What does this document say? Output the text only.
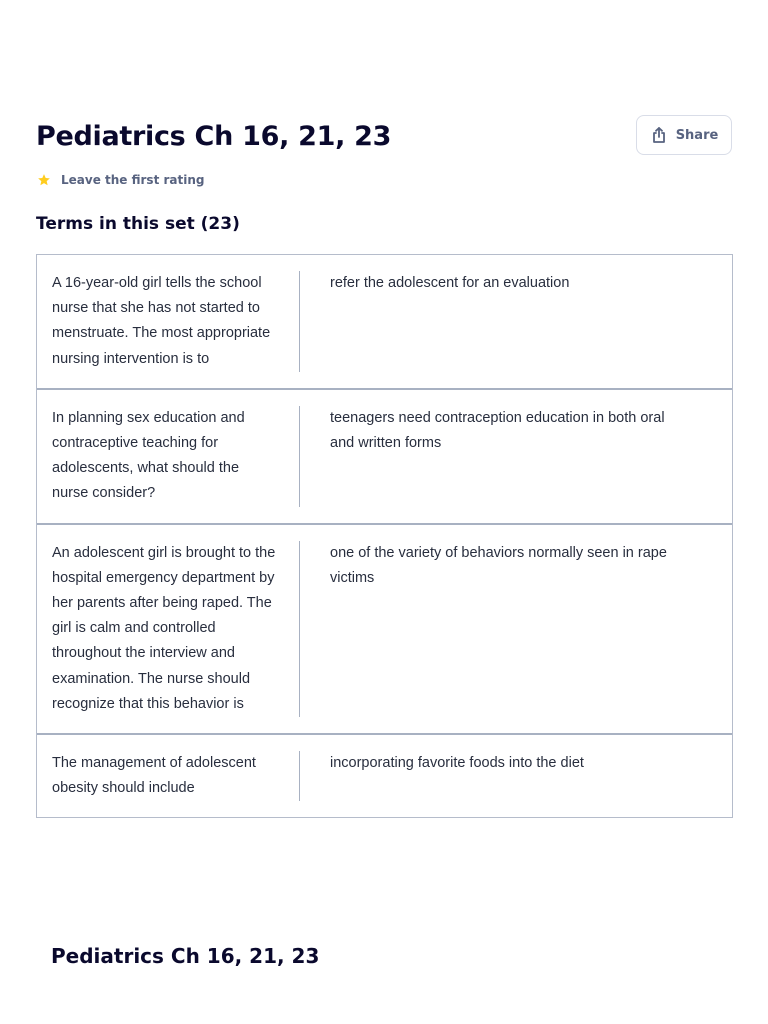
Pediatrics Ch 16, 21, 23	Share
Leave the first rating
Terms in this set (23)
A 16-year-old girl tells the school nurse that she has not started to menstruate. The most appropriate nursing intervention is to
refer the adolescent for an evaluation
In planning sex education and contraceptive teaching for adolescents, what should the nurse consider?
teenagers need contraception education in both oral and written forms
An adolescent girl is brought to the hospital emergency department by her parents after being raped. The girl is calm and controlled throughout the interview and examination. The nurse should recognize that this behavior is
one of the variety of behaviors normally seen in rape victims
The management of adolescent obesity should include
incorporating favorite foods into the diet
Pediatrics Ch 16, 21, 23
